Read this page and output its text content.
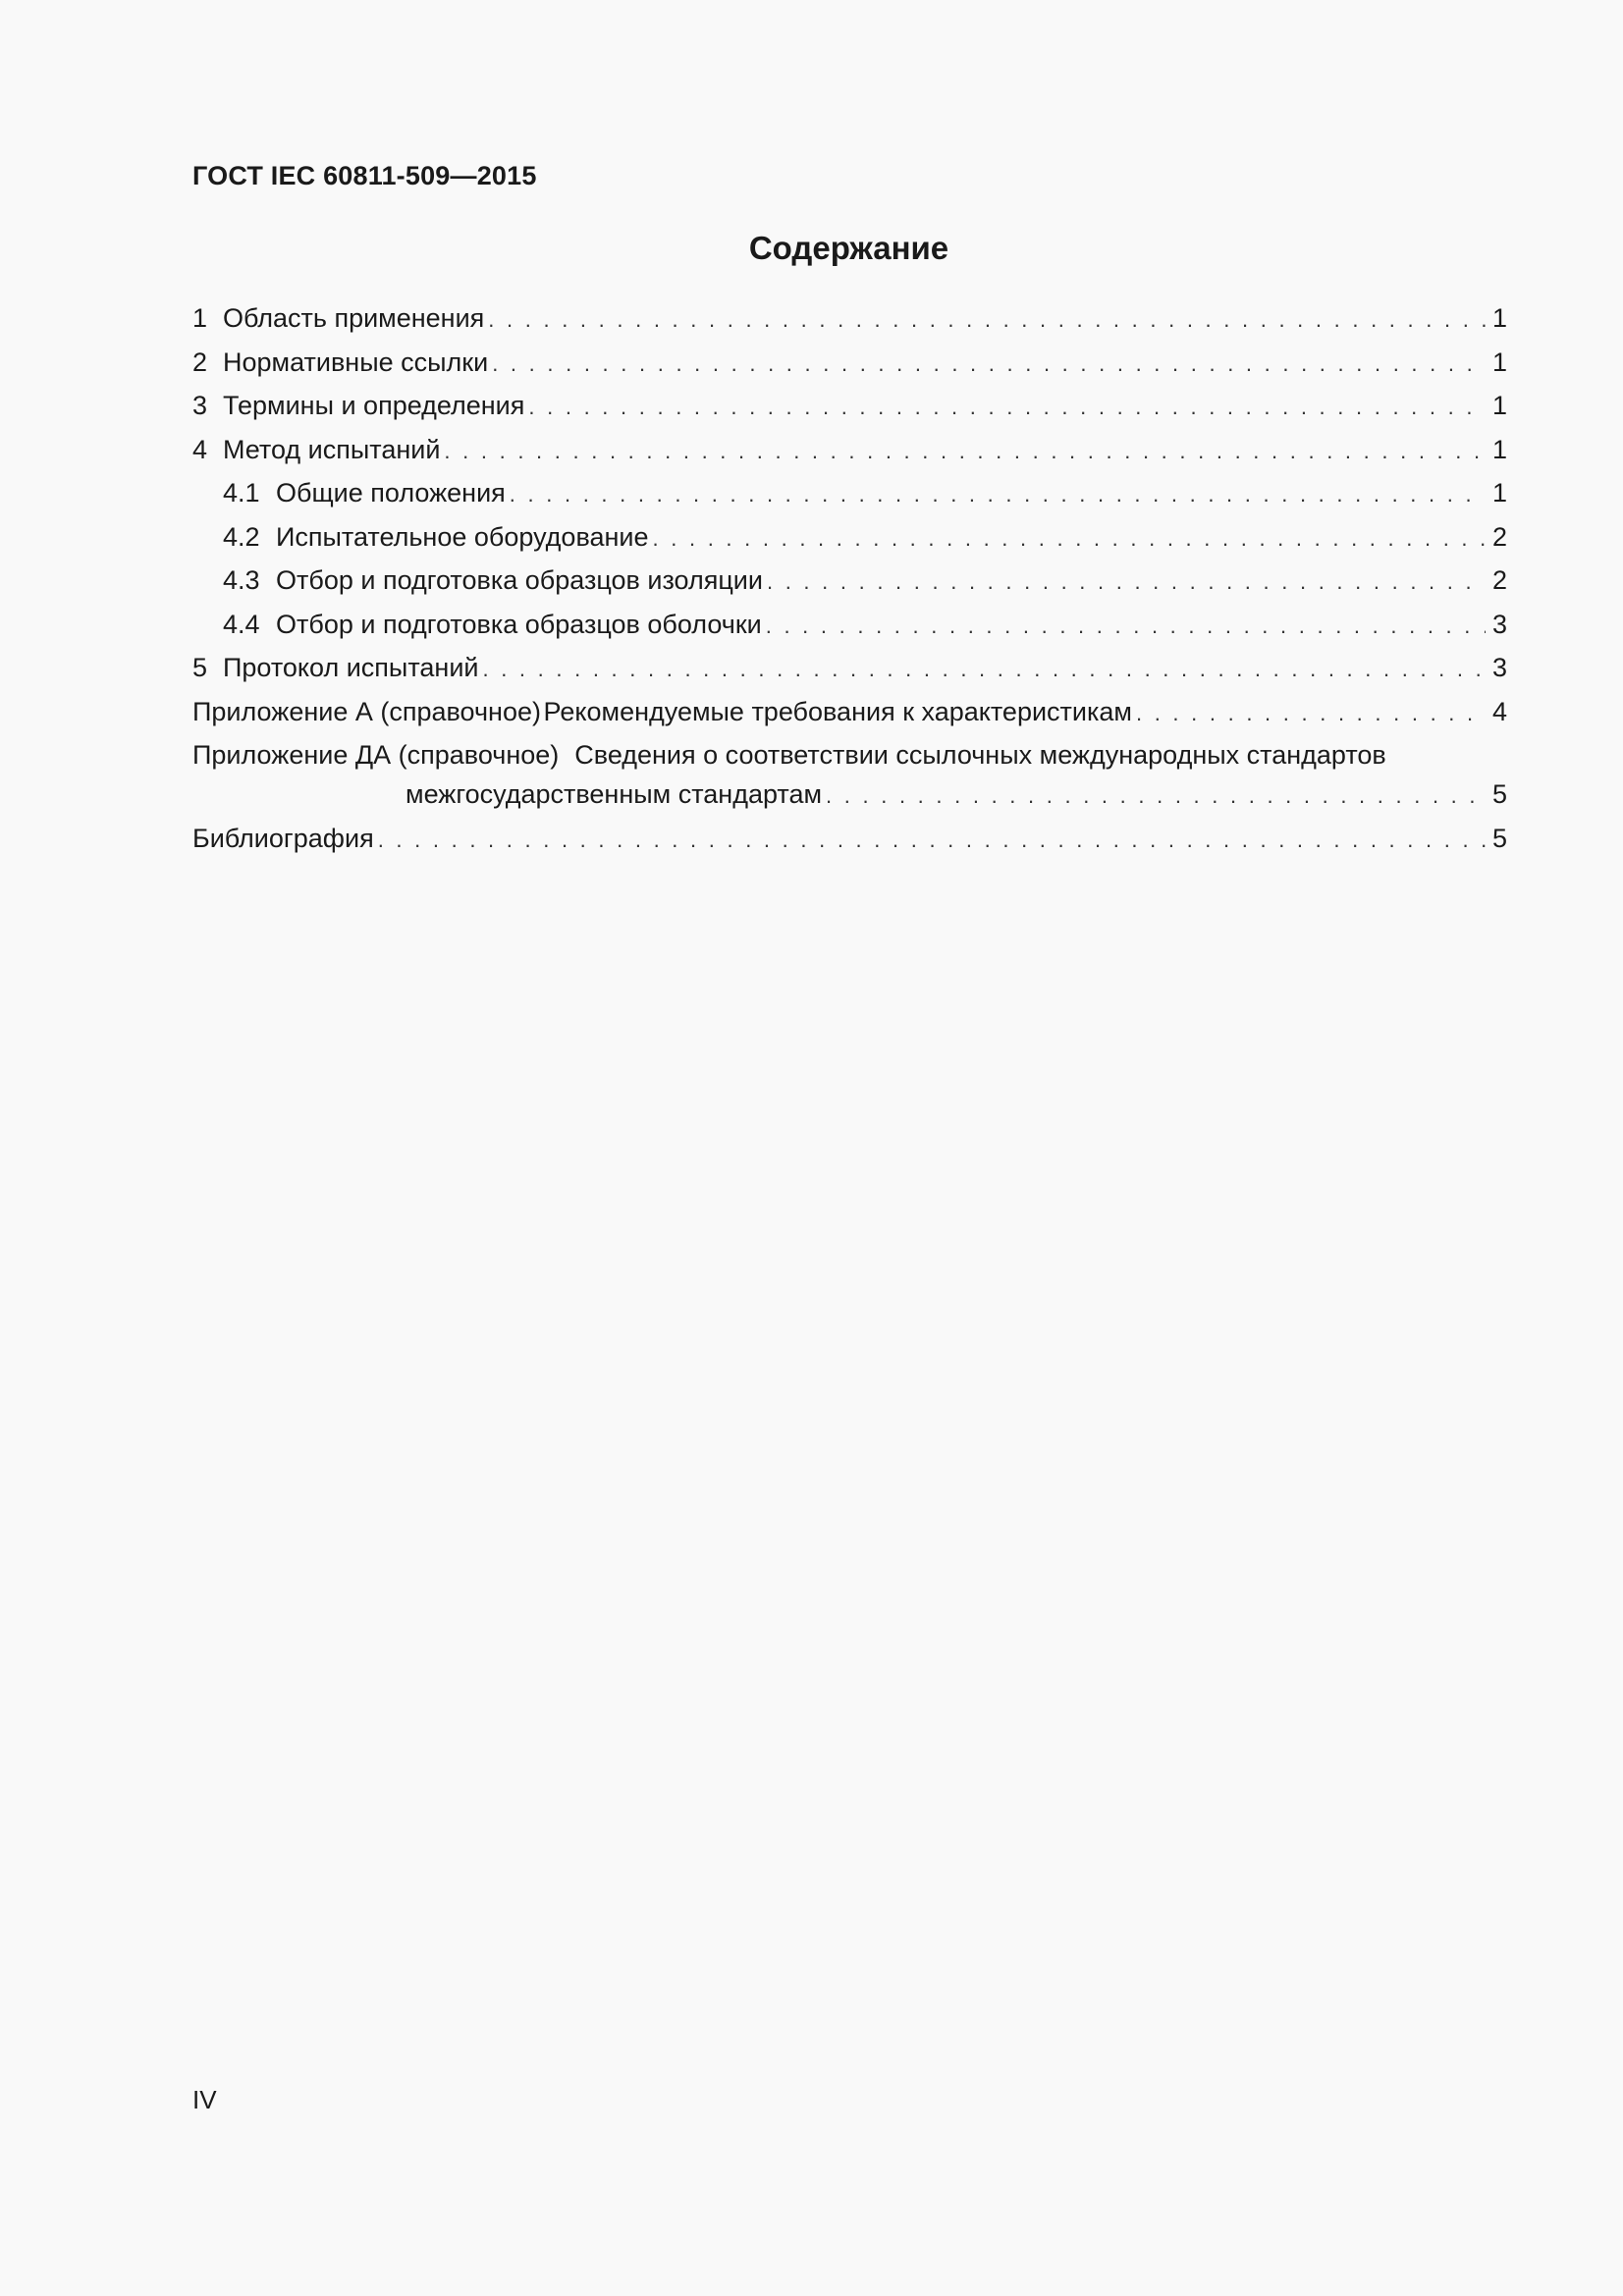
ГОСТ IEC 60811-509—2015
Содержание
1 Область применения . . .	1
2 Нормативные ссылки . . .	1
3 Термины и определения . . .	1
4 Метод испытаний . . .	1
4.1 Общие положения . . .	1
4.2 Испытательное оборудование . . .	2
4.3 Отбор и подготовка образцов изоляции . . .	2
4.4 Отбор и подготовка образцов оболочки . . .	3
5 Протокол испытаний . . .	3
Приложение А (справочное) Рекомендуемые требования к характеристикам . . .	4
Приложение ДА (справочное) Сведения о соответствии ссылочных международных стандартов
межгосударственным стандартам . . .	5
Библиография . . .	5
IV
